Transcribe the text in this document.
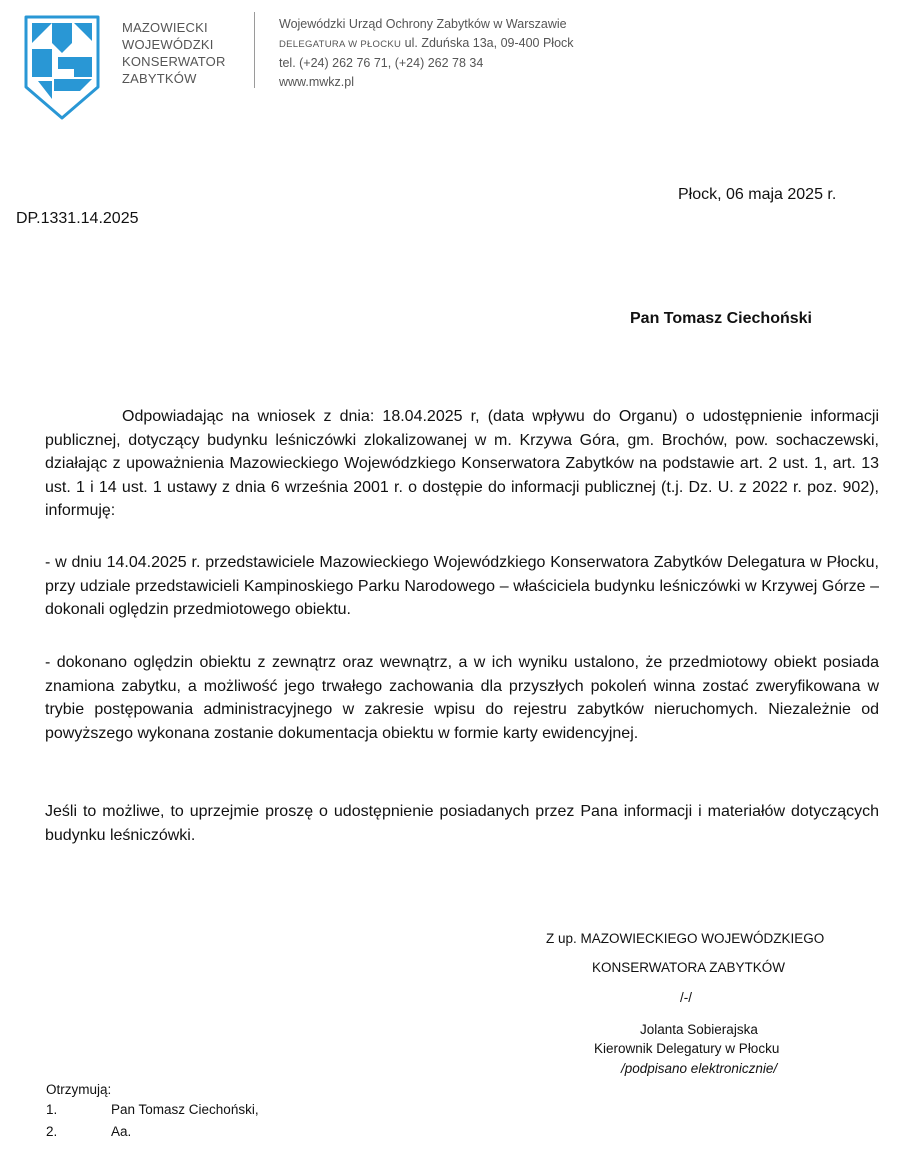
MAZOWIECKI
WOJEWÓDZKI
KONSERWATOR
ZABYTKÓW
Wojewódzki Urząd Ochrony Zabytków w Warszawie
DELEGATURA W PŁOCKU ul. Zduńska 13a, 09-400 Płock
tel. (+24) 262 76 71, (+24) 262 78 34
www.mwkz.pl
Płock, 06 maja 2025 r.
DP.1331.14.2025
Pan Tomasz Ciechoński

Odpowiadając na wniosek z dnia: 18.04.2025 r, (data wpływu do Organu) o udostępnienie informacji publicznej, dotyczący budynku leśniczówki zlokalizowanej w m. Krzywa Góra, gm. Brochów, pow. sochaczewski, działając z upoważnienia Mazowieckiego Wojewódzkiego Konserwatora Zabytków na podstawie art. 2 ust. 1, art. 13 ust. 1 i 14 ust. 1 ustawy z dnia 6 września 2001 r. o dostępie do informacji publicznej (t.j. Dz. U. z 2022 r. poz. 902), informuję:

- w dniu 14.04.2025 r. przedstawiciele Mazowieckiego Wojewódzkiego Konserwatora Zabytków Delegatura w Płocku, przy udziale przedstawicieli Kampinoskiego Parku Narodowego – właściciela budynku leśniczówki w Krzywej Górze – dokonali oględzin przedmiotowego obiektu.

- dokonano oględzin obiektu z zewnątrz oraz wewnątrz, a w ich wyniku ustalono, że przedmiotowy obiekt posiada znamiona zabytku, a możliwość jego trwałego zachowania dla przyszłych pokoleń winna zostać zweryfikowana w trybie postępowania administracyjnego w zakresie wpisu do rejestru zabytków nieruchomych. Niezależnie od powyższego wykonana zostanie dokumentacja obiektu w formie karty ewidencyjnej.

Jeśli to możliwe, to uprzejmie proszę o udostępnienie posiadanych przez Pana informacji i materiałów dotyczących budynku leśniczówki.

Z up. MAZOWIECKIEGO WOJEWÓDZKIEGO
KONSERWATORA ZABYTKÓW
/-/
Jolanta Sobierajska
Kierownik Delegatury w Płocku
/podpisano elektronicznie/
Otrzymują:
1.	Pan Tomasz Ciechoński,
2.	Aa.
